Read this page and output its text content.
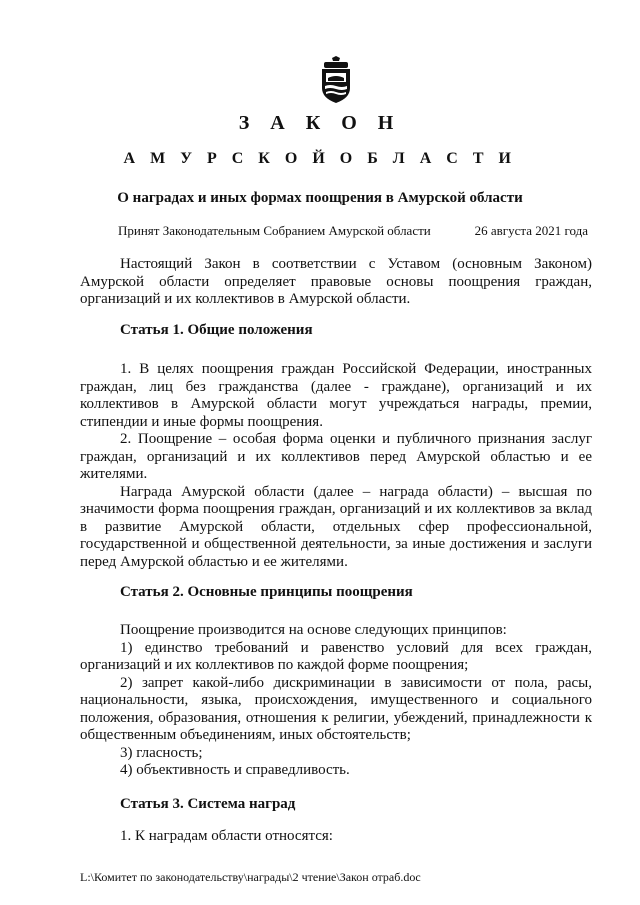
З А К О Н
А М У Р С К О Й О Б Л А С Т И
О наградах и иных формах поощрения в Амурской области
Принят Законодательным Собранием Амурской области	26 августа 2021 года

Настоящий Закон в соответствии с Уставом (основным Законом) Амурской области определяет правовые основы поощрения граждан, организаций и их коллективов в Амурской области.

Статья 1. Общие положения

1. В целях поощрения граждан Российской Федерации, иностранных граждан, лиц без гражданства (далее - граждане), организаций и их коллективов в Амурской области могут учреждаться награды, премии, стипендии и иные формы поощрения.

2. Поощрение – особая форма оценки и публичного признания заслуг граждан, организаций и их коллективов перед Амурской областью и ее жителями.

Награда Амурской области (далее – награда области) – высшая по значимости форма поощрения граждан, организаций и их коллективов за вклад в развитие Амурской области, отдельных сфер профессиональной, государственной и общественной деятельности, за иные достижения и заслуги перед Амурской областью и ее жителями.

Статья 2. Основные принципы поощрения

Поощрение производится на основе следующих принципов:

1) единство требований и равенство условий для всех граждан, организаций и их коллективов по каждой форме поощрения;

2) запрет какой-либо дискриминации в зависимости от пола, расы, национальности, языка, происхождения, имущественного и социального положения, образования, отношения к религии, убеждений, принадлежности к общественным объединениям, иных обстоятельств;

3) гласность;

4) объективность и справедливость.

Статья 3. Система наград

1. К наградам области относятся:

L:\Комитет по законодательству\награды\2 чтение\Закон отраб.doc
